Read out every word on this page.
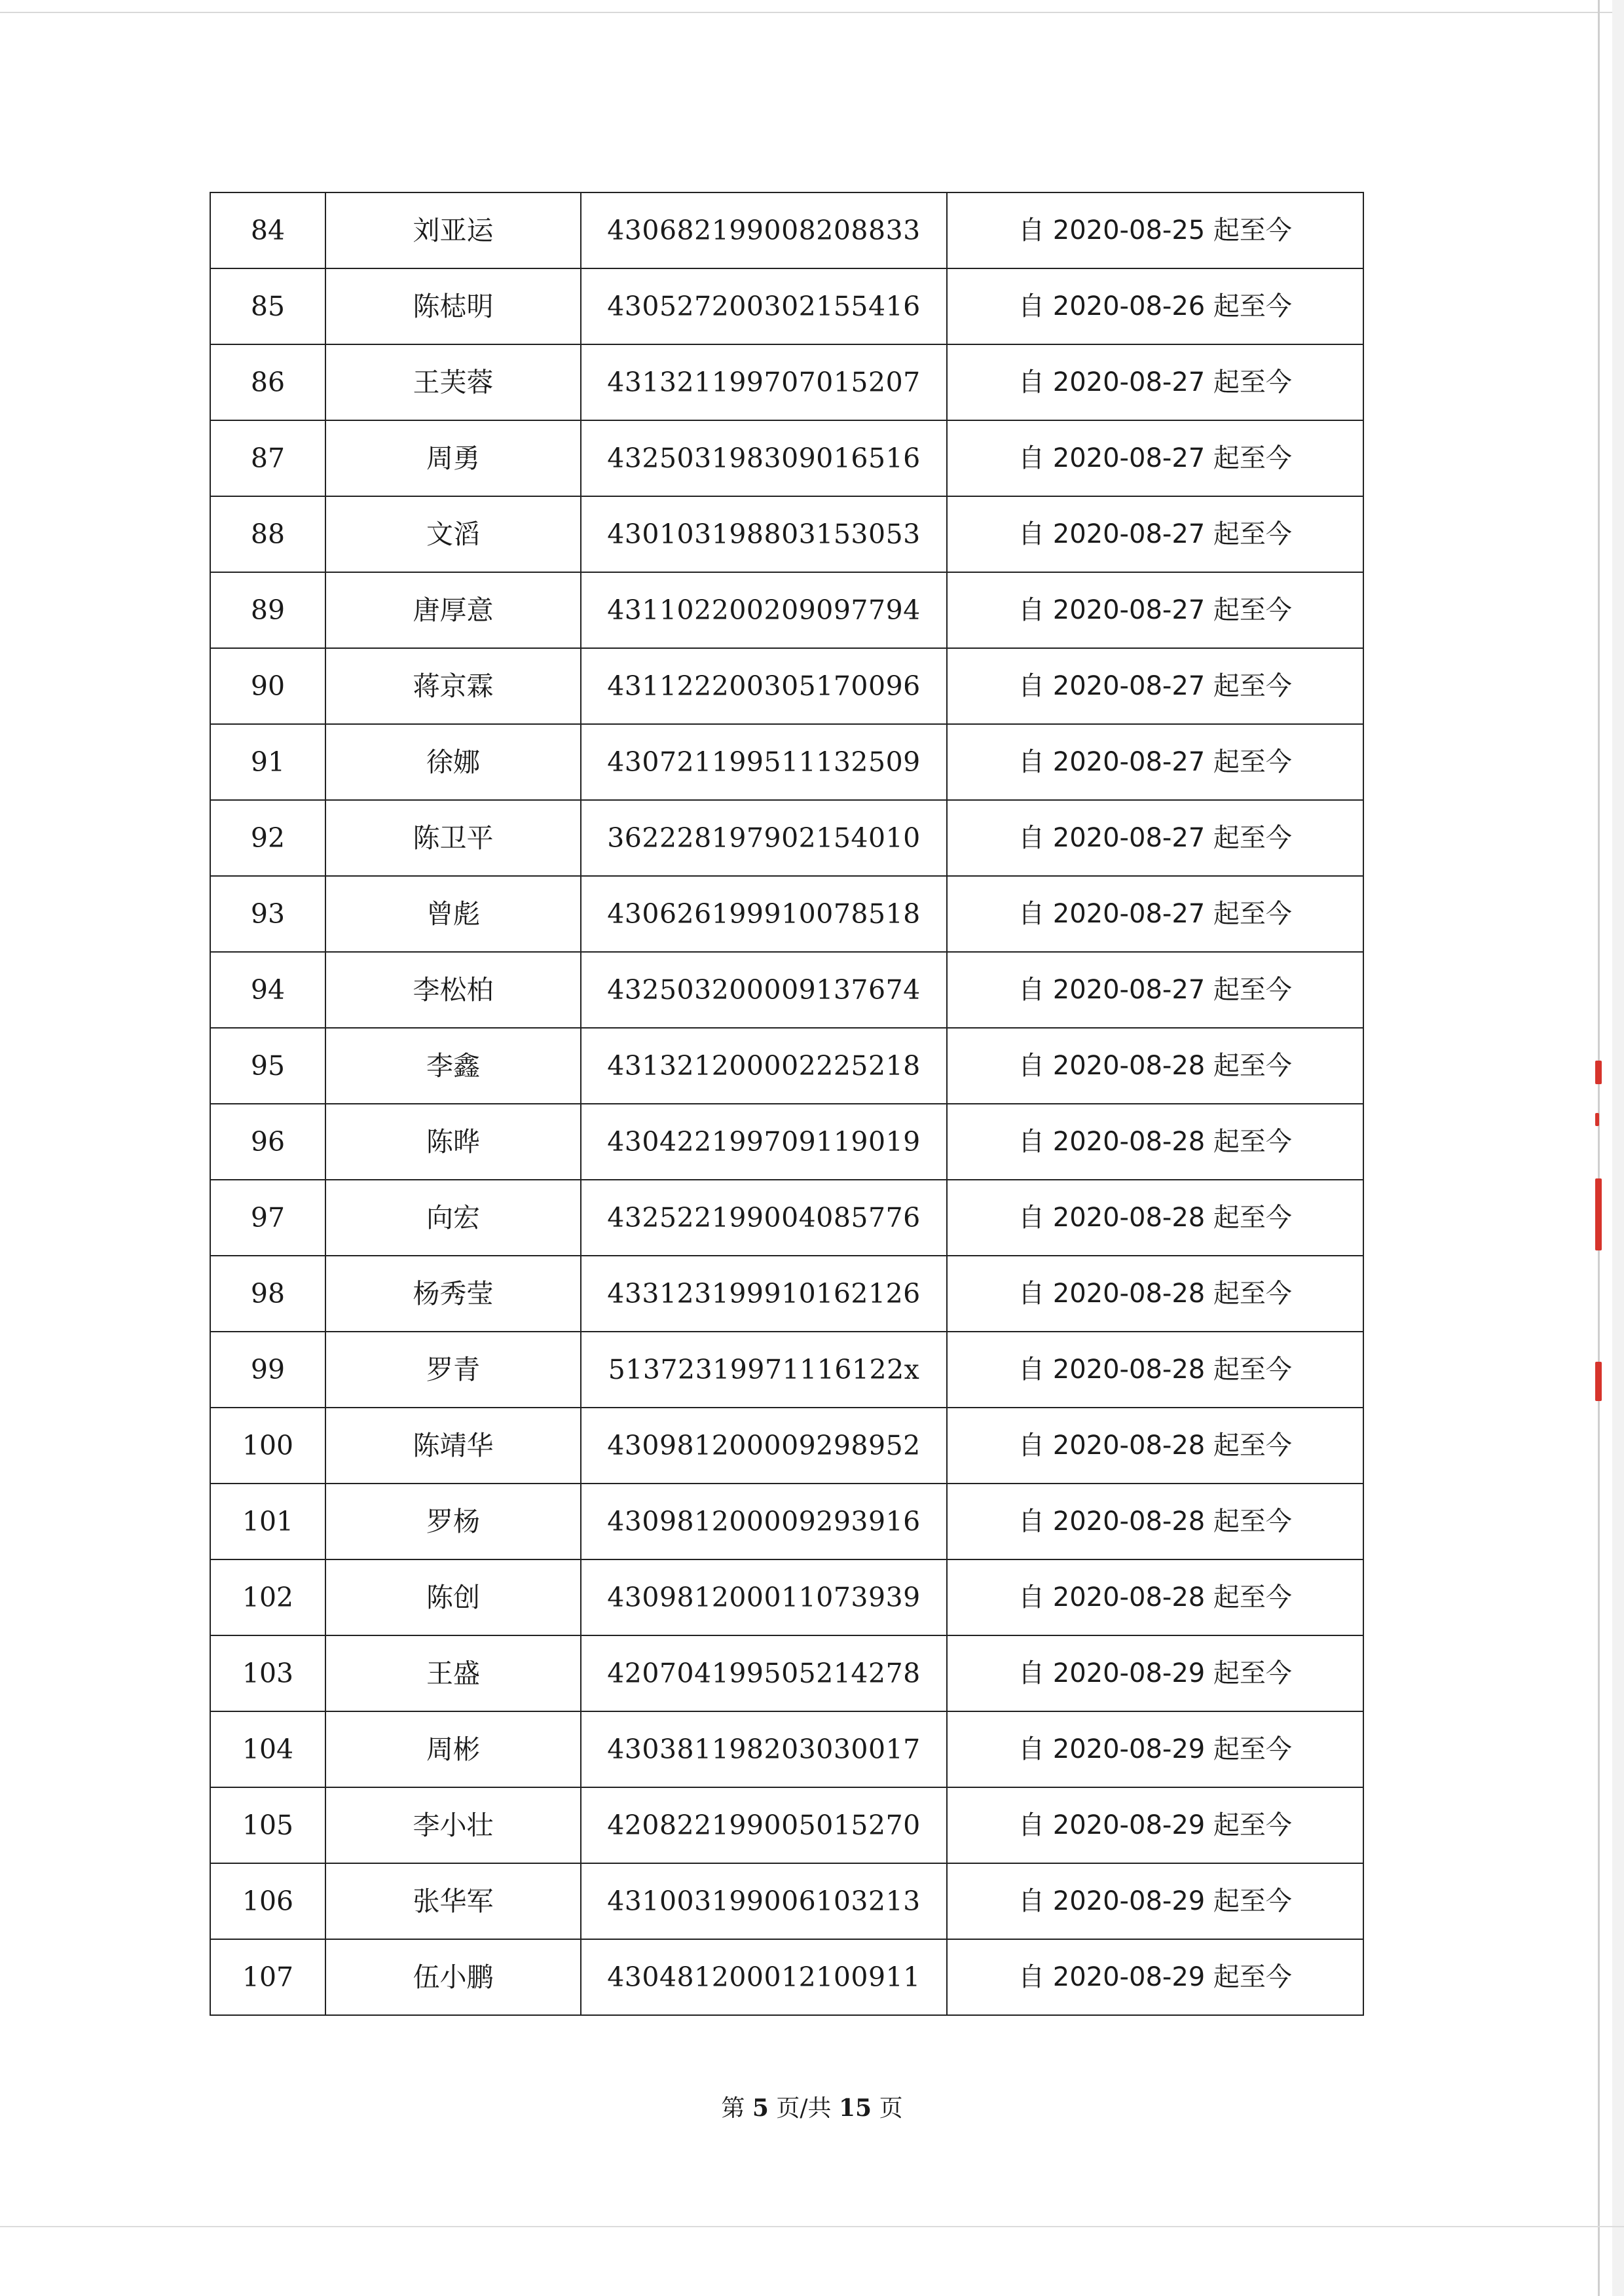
84	刘亚运	430682199008208833	自 2020-08-25 起至今
85	陈梽明	430527200302155416	自 2020-08-26 起至今
86	王芙蓉	431321199707015207	自 2020-08-27 起至今
87	周勇	432503198309016516	自 2020-08-27 起至今
88	文滔	430103198803153053	自 2020-08-27 起至今
89	唐厚意	431102200209097794	自 2020-08-27 起至今
90	蒋京霖	431122200305170096	自 2020-08-27 起至今
91	徐娜	430721199511132509	自 2020-08-27 起至今
92	陈卫平	362228197902154010	自 2020-08-27 起至今
93	曾彪	430626199910078518	自 2020-08-27 起至今
94	李松柏	432503200009137674	自 2020-08-27 起至今
95	李鑫	431321200002225218	自 2020-08-28 起至今
96	陈晔	430422199709119019	自 2020-08-28 起至今
97	向宏	432522199004085776	自 2020-08-28 起至今
98	杨秀莹	433123199910162126	自 2020-08-28 起至今
99	罗青	51372319971116122x	自 2020-08-28 起至今
100	陈靖华	430981200009298952	自 2020-08-28 起至今
101	罗杨	430981200009293916	自 2020-08-28 起至今
102	陈创	430981200011073939	自 2020-08-28 起至今
103	王盛	420704199505214278	自 2020-08-29 起至今
104	周彬	430381198203030017	自 2020-08-29 起至今
105	李小壮	420822199005015270	自 2020-08-29 起至今
106	张华军	431003199006103213	自 2020-08-29 起至今
107	伍小鹏	430481200012100911	自 2020-08-29 起至今
第 5 页/共 15 页
